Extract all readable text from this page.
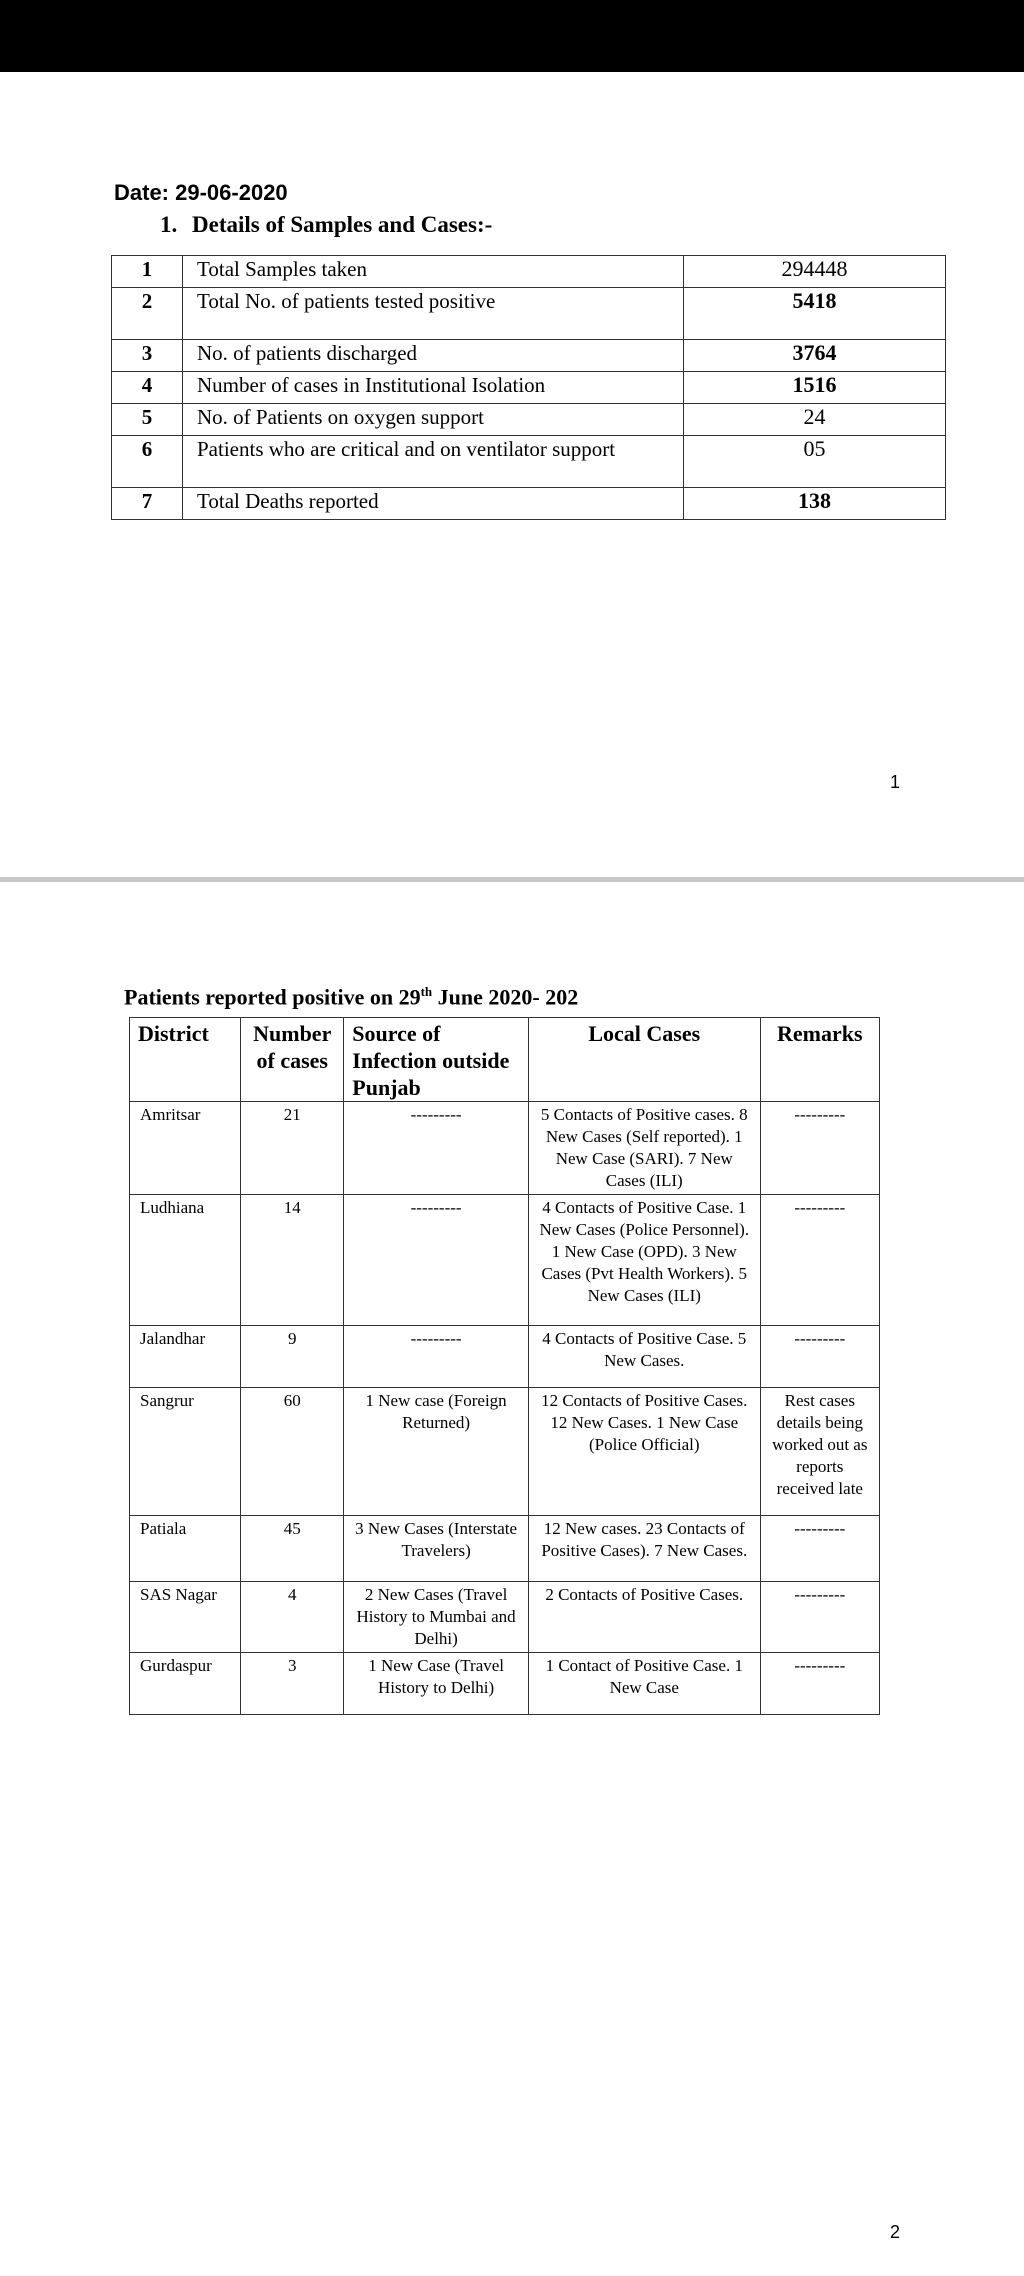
Date: 29-06-2020
1. Details of Samples and Cases:-
1	Total Samples taken	294448
2	Total No. of patients tested positive	5418
3	No. of patients discharged	3764
4	Number of cases in Institutional Isolation	1516
5	No. of Patients on oxygen support	24
6	Patients who are critical and on ventilator support	05
7	Total Deaths reported	138
1
Patients reported positive on 29th June 2020- 202
District	Number of cases	Source of Infection outside Punjab	Local Cases	Remarks
Amritsar	21	---------	5 Contacts of Positive cases. 8 New Cases (Self reported). 1 New Case (SARI). 7 New Cases (ILI)	---------
Ludhiana	14	---------	4 Contacts of Positive Case. 1 New Cases (Police Personnel). 1 New Case (OPD). 3 New Cases (Pvt Health Workers). 5 New Cases (ILI)	---------
Jalandhar	9	---------	4 Contacts of Positive Case. 5 New Cases.	---------
Sangrur	60	1 New case (Foreign Returned)	12 Contacts of Positive Cases. 12 New Cases. 1 New Case (Police Official)	Rest cases details being worked out as reports received late
Patiala	45	3 New Cases (Interstate Travelers)	12 New cases. 23 Contacts of Positive Cases). 7 New Cases.	---------
SAS Nagar	4	2 New Cases (Travel History to Mumbai and Delhi)	2 Contacts of Positive Cases.	---------
Gurdaspur	3	1 New Case (Travel History to Delhi)	1 Contact of Positive Case. 1 New Case	---------
2
